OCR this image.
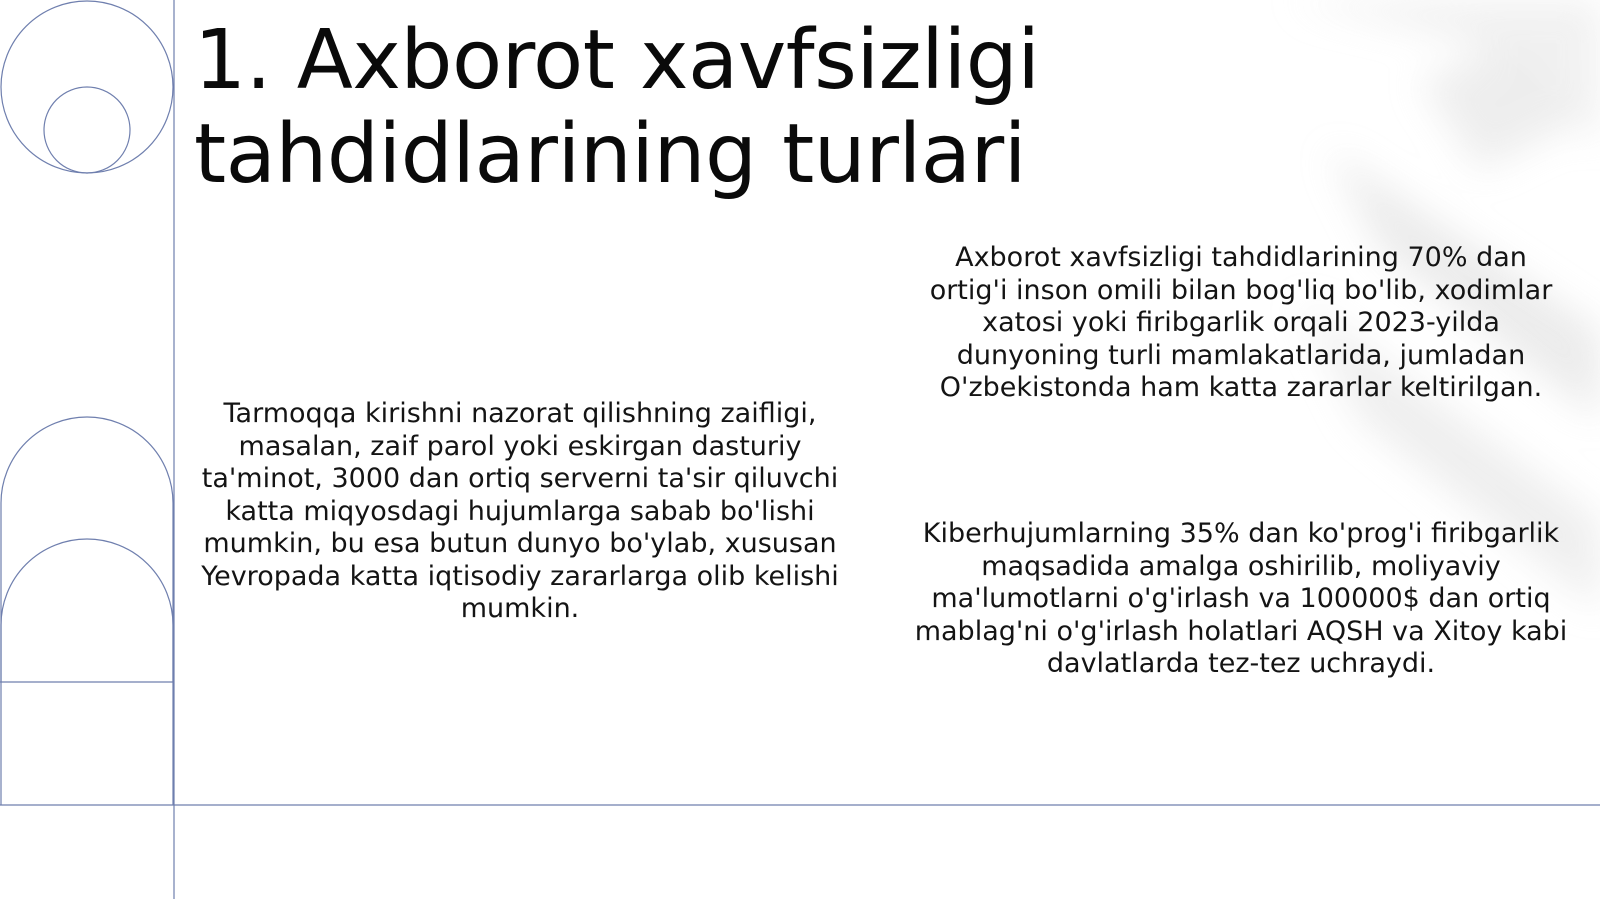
1. Axborot xavfsizligi tahdidlarining turlari

Tarmoqqa kirishni nazorat qilishning zaifligi, masalan, zaif parol yoki eskirgan dasturiy ta'minot, 3000 dan ortiq serverni ta'sir qiluvchi katta miqyosdagi hujumlarga sabab bo'lishi mumkin, bu esa butun dunyo bo'ylab, xususan Yevropada katta iqtisodiy zararlarga olib kelishi mumkin.

Axborot xavfsizligi tahdidlarining 70% dan ortig'i inson omili bilan bog'liq bo'lib, xodimlar xatosi yoki firibgarlik orqali 2023-yilda dunyoning turli mamlakatlarida, jumladan O'zbekistonda ham katta zararlar keltirilgan.

Kiberhujumlarning 35% dan ko'prog'i firibgarlik maqsadida amalga oshirilib, moliyaviy ma'lumotlarni o'g'irlash va 100000$ dan ortiq mablag'ni o'g'irlash holatlari AQSH va Xitoy kabi davlatlarda tez-tez uchraydi.
